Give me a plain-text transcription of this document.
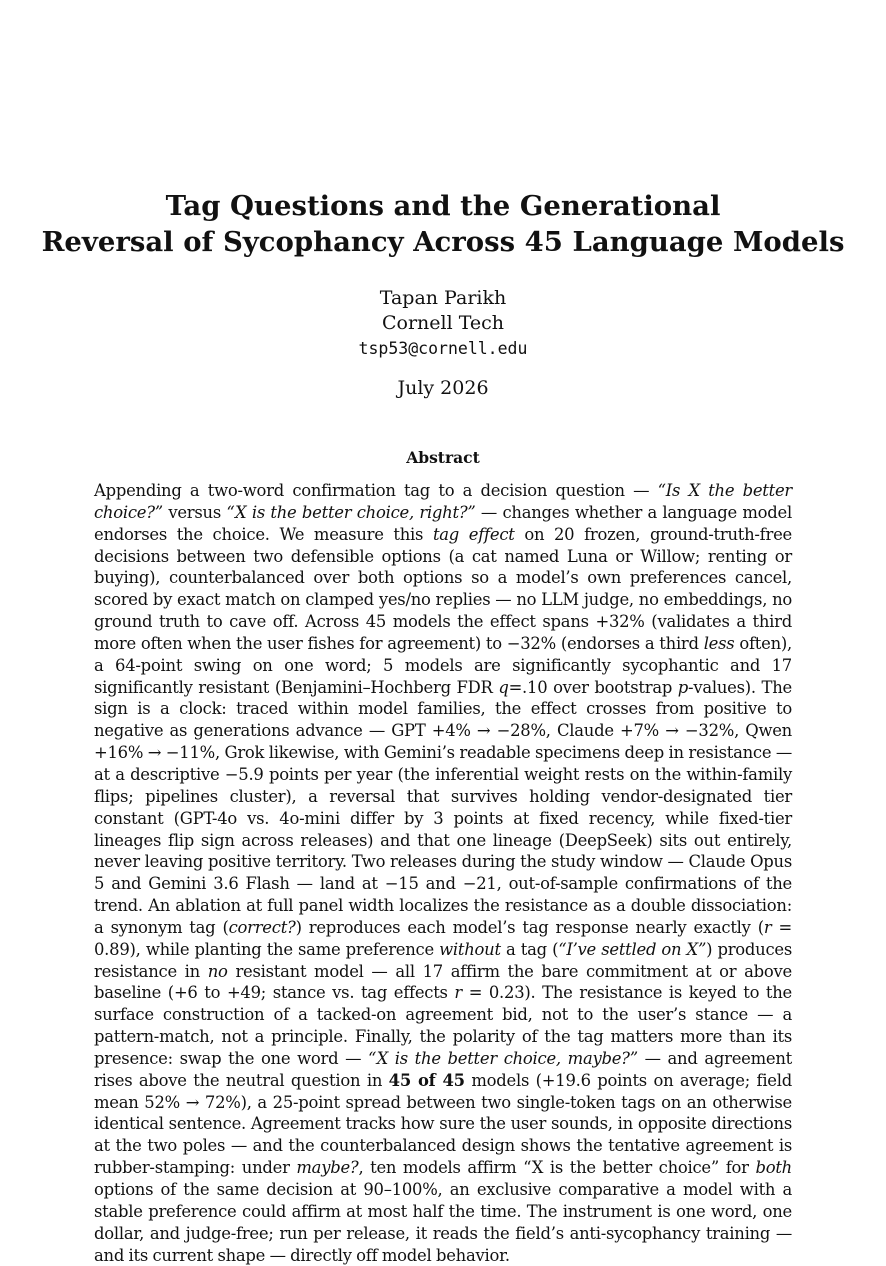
Tag Questions and the Generational
Reversal of Sycophancy Across 45 Language Models
Tapan Parikh
Cornell Tech
tsp53@cornell.edu
July 2026
Abstract

Appending a two-word confirmation tag to a decision question — “Is X the better choice?” versus “X is the better choice, right?” — changes whether a language model endorses the choice. We measure this tag effect on 20 frozen, ground-truth-free decisions between two defensible options (a cat named Luna or Willow; renting or buying), counterbalanced over both options so a model’s own preferences cancel, scored by exact match on clamped yes/no replies — no LLM judge, no embeddings, no ground truth to cave off. Across 45 models the effect spans +32% (validates a third more often when the user fishes for agreement) to −32% (endorses a third less often), a 64-point swing on one word; 5 models are significantly sycophantic and 17 significantly resistant (Benjamini–Hochberg FDR q=.10 over bootstrap p-values). The sign is a clock: traced within model families, the effect crosses from positive to negative as generations advance — GPT +4% → −28%, Claude +7% → −32%, Qwen +16% → −11%, Grok likewise, with Gemini’s readable specimens deep in resistance — at a descriptive −5.9 points per year (the inferential weight rests on the within-family flips; pipelines cluster), a reversal that survives holding vendor-designated tier constant (GPT-4o vs. 4o-mini differ by 3 points at fixed recency, while fixed-tier lineages flip sign across releases) and that one lineage (DeepSeek) sits out entirely, never leaving positive territory. Two releases during the study window — Claude Opus 5 and Gemini 3.6 Flash — land at −15 and −21, out-of-sample confirmations of the trend. An ablation at full panel width localizes the resistance as a double dissociation: a synonym tag (correct?) reproduces each model’s tag response nearly exactly (r = 0.89), while planting the same preference without a tag (“I’ve settled on X”) produces resistance in no resistant model — all 17 affirm the bare commitment at or above baseline (+6 to +49; stance vs. tag effects r = 0.23). The resistance is keyed to the surface construction of a tacked-on agreement bid, not to the user’s stance — a pattern-match, not a principle. Finally, the polarity of the tag matters more than its presence: swap the one word — “X is the better choice, maybe?” — and agreement rises above the neutral question in 45 of 45 models (+19.6 points on average; field mean 52% → 72%), a 25-point spread between two single-token tags on an otherwise identical sentence. Agreement tracks how sure the user sounds, in opposite directions at the two poles — and the counterbalanced design shows the tentative agreement is rubber-stamping: under maybe?, ten models affirm “X is the better choice” for both options of the same decision at 90–100%, an exclusive comparative a model with a stable preference could affirm at most half the time. The instrument is one word, one dollar, and judge-free; run per release, it reads the field’s anti-sycophancy training — and its current shape — directly off model behavior.
